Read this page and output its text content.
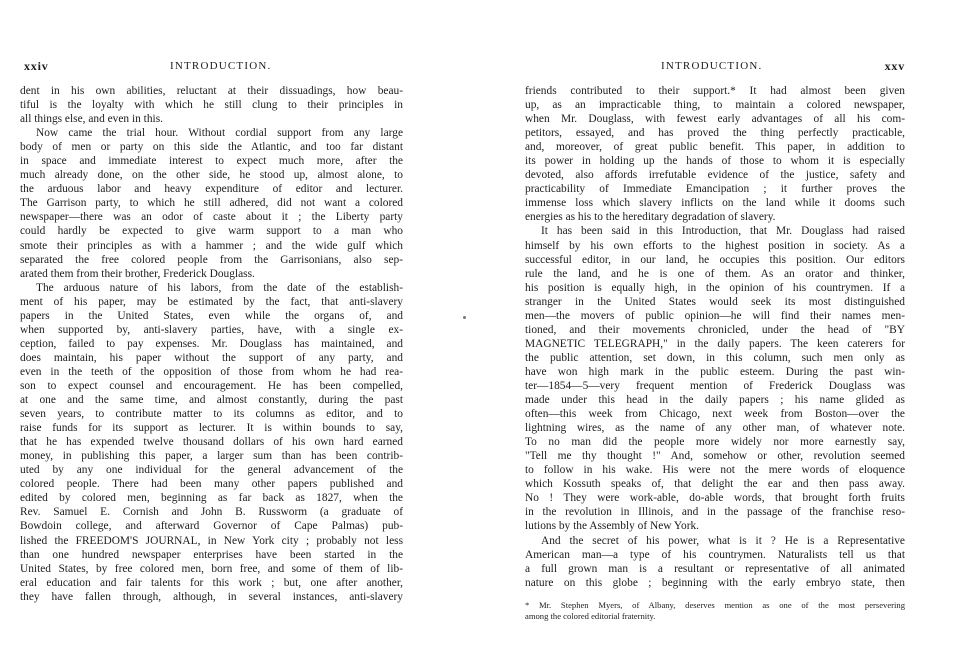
xxiv	INTRODUCTION.
dent in his own abilities, reluctant at their dissuadings, how beau-
tiful is the loyalty with which he still clung to their principles in
all things else, and even in this.
Now came the trial hour. Without cordial support from any large
body of men or party on this side the Atlantic, and too far distant
in space and immediate interest to expect much more, after the
much already done, on the other side, he stood up, almost alone, to
the arduous labor and heavy expenditure of editor and lecturer.
The Garrison party, to which he still adhered, did not want a colored
newspaper—there was an odor of caste about it ; the Liberty party
could hardly be expected to give warm support to a man who
smote their principles as with a hammer ; and the wide gulf which
separated the free colored people from the Garrisonians, also sep-
arated them from their brother, Frederick Douglass.
The arduous nature of his labors, from the date of the establish-
ment of his paper, may be estimated by the fact, that anti-slavery
papers in the United States, even while the organs of, and
when supported by, anti-slavery parties, have, with a single ex-
ception, failed to pay expenses. Mr. Douglass has maintained, and
does maintain, his paper without the support of any party, and
even in the teeth of the opposition of those from whom he had rea-
son to expect counsel and encouragement. He has been compelled,
at one and the same time, and almost constantly, during the past
seven years, to contribute matter to its columns as editor, and to
raise funds for its support as lecturer. It is within bounds to say,
that he has expended twelve thousand dollars of his own hard earned
money, in publishing this paper, a larger sum than has been contrib-
uted by any one individual for the general advancement of the
colored people. There had been many other papers published and
edited by colored men, beginning as far back as 1827, when the
Rev. Samuel E. Cornish and John B. Russworm (a graduate of
Bowdoin college, and afterward Governor of Cape Palmas) pub-
lished the FREEDOM'S JOURNAL, in New York city ; probably not less
than one hundred newspaper enterprises have been started in the
United States, by free colored men, born free, and some of them of lib-
eral education and fair talents for this work ; but, one after another,
they have fallen through, although, in several instances, anti-slavery
INTRODUCTION.	xxv
friends contributed to their support.* It had almost been given
up, as an impracticable thing, to maintain a colored newspaper,
when Mr. Douglass, with fewest early advantages of all his com-
petitors, essayed, and has proved the thing perfectly practicable,
and, moreover, of great public benefit. This paper, in addition to
its power in holding up the hands of those to whom it is especially
devoted, also affords irrefutable evidence of the justice, safety and
practicability of Immediate Emancipation ; it further proves the
immense loss which slavery inflicts on the land while it dooms such
energies as his to the hereditary degradation of slavery.
It has been said in this Introduction, that Mr. Douglass had raised
himself by his own efforts to the highest position in society. As a
successful editor, in our land, he occupies this position. Our editors
rule the land, and he is one of them. As an orator and thinker,
his position is equally high, in the opinion of his countrymen. If a
stranger in the United States would seek its most distinguished
men—the movers of public opinion—he will find their names men-
tioned, and their movements chronicled, under the head of "BY
MAGNETIC TELEGRAPH," in the daily papers. The keen caterers for
the public attention, set down, in this column, such men only as
have won high mark in the public esteem. During the past win-
ter—1854—5—very frequent mention of Frederick Douglass was
made under this head in the daily papers ; his name glided as
often—this week from Chicago, next week from Boston—over the
lightning wires, as the name of any other man, of whatever note.
To no man did the people more widely nor more earnestly say,
"Tell me thy thought !" And, somehow or other, revolution seemed
to follow in his wake. His were not the mere words of eloquence
which Kossuth speaks of, that delight the ear and then pass away.
No ! They were work-able, do-able words, that brought forth fruits
in the revolution in Illinois, and in the passage of the franchise reso-
lutions by the Assembly of New York.
And the secret of his power, what is it ? He is a Representative
American man—a type of his countrymen. Naturalists tell us that
a full grown man is a resultant or representative of all animated
nature on this globe ; beginning with the early embryo state, then
* Mr. Stephen Myers, of Albany, deserves mention as one of the most persevering
among the colored editorial fraternity.
